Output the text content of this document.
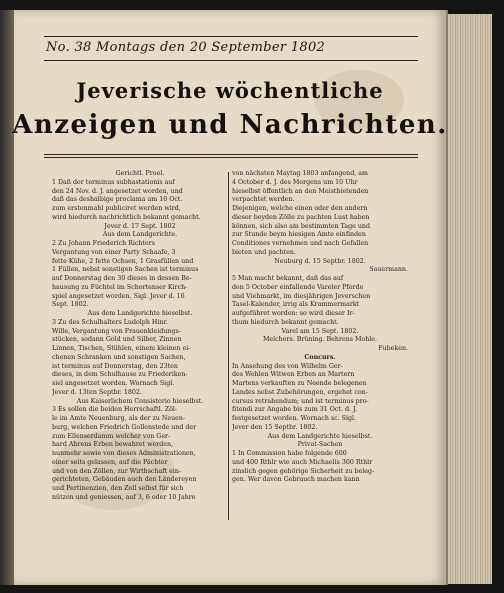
No. 38 Montags den 20 September 1802
Jeverische wöchentliche
Anzeigen und Nachrichten.
Gerichtl. Proel.
1 Daß der terminus subhastationis auf
den 24 Nov. d. J. angesetzet worden, und
daß das deshalbige proclama am 10 Oct.
zum erstenmahl publiciret werden wird,
wird hiedurch nachrichtlich bekannt gemacht.
Jever d. 17 Sept. 1802
Aus dem Landgerichte.
2 Zu Johann Friederich Richters
Vergantung von einer Party Schaafe, 3
fette Kühe, 2 fette Ochsen, 1 Grasfüllen und
1 Füllen, nebst sonstigen Sachen ist terminus
auf Donnerstag den 30 dieses in dessen Be-
hausung zu Füchtel im Schortenser Kirch-
spiel angesetzet worden. Sigl. Jever d. 16
Sept. 1802.
Aus dem Landgerichte hieselbst.
3 Zu des Schulhalters Ludolph Hinr.
Wille, Vergantung von Frauenkleidungs-
stücken, sodann Gold und Silber, Zinnen
Linnen, Tischen, Stühlen, einem kleinen ei-
chenen Schranken und sonstigen Sachen,
ist terminus auf Donnerstag, den 23ten
dieses, in dem Schulhause zu Friederiken-
siel angesetzet worden. Wornach Sigl.
Jever d. 13ten Septbr. 1802.
Aus Kaiserlichem Consistorio hieselbst.
3 Es sollen die beiden Herrschaftl. Zöl-
le im Amte Neuenburg, als der zu Neuen-
burg, welchen Friedrich Gollenstede und der
zum Ellenserdamm welcher von Ger-
hard Ahrens Erben bewahret werden,
nunmehr sowie von dieses Administrationen,
einer seits gelassen, auf die Pächter
und von den Zöllen, zur Wirthschaft ein-
gerichteten, Gebäuden auch den Ländereyen
und Pertinenzien, den Zoll selbst für sich
nützen und geniessen, auf 3, 6 oder 10 Jahre
von nächsten Maytag 1803 anfangend, am
4 October d. J. des Morgens um 10 Uhr
hieselbst öffentlich an den Meistbietenden
verpachtet werden.
Diejenigen, welche einen oder den andern
dieser beyden Zölle zu pachten Lust haben
können, sich also am bestimmten Tage und
zur Stunde beym hiesigen Amte einfinden
Conditiones vernehmen und nach Gefallen
bieten und pachten.
Neuburg d. 15 Septbr. 1802.
Sauermann.
5 Man macht bekannt, daß das auf
den 5 October einfallende Vareler Pferde
und Viehmarkt, im diesjährigen Jeverschen
Tasel-Kalender, irrig als Krammermarkt
aufgeführet worden: so wird dieser Ir-
thum hiedurch bekannt gemacht.
Varel am 15 Sept. 1802.
Melchers. Brüning. Behrens Mohle.
Fubeken.
Concurs.
In Ansehung des von Wilhelm Ger-
des Wehlen Witwen Erben an Martern
Martens verkauften zu Neende belegenen
Landes nebst Zubehörungen, ergehet con-
cursus retrahendum; und ist terminus pro-
fitendi zur Angabe bis zum 31 Oct. d. J.
festgesetzet worden. Wornach sc. Sigl.
Jever den 15 Septbr. 1802.
Aus dem Landgerichte hieselbst.
Privat-Sachen
1 In Commission habe folgende 600
und 400 Rthlr wie auch Michaelis 300 Rthlr
zinslich gegen gehörige Sicherheit zu beleg-
gen. Wer davon Gebrauch machen kann
